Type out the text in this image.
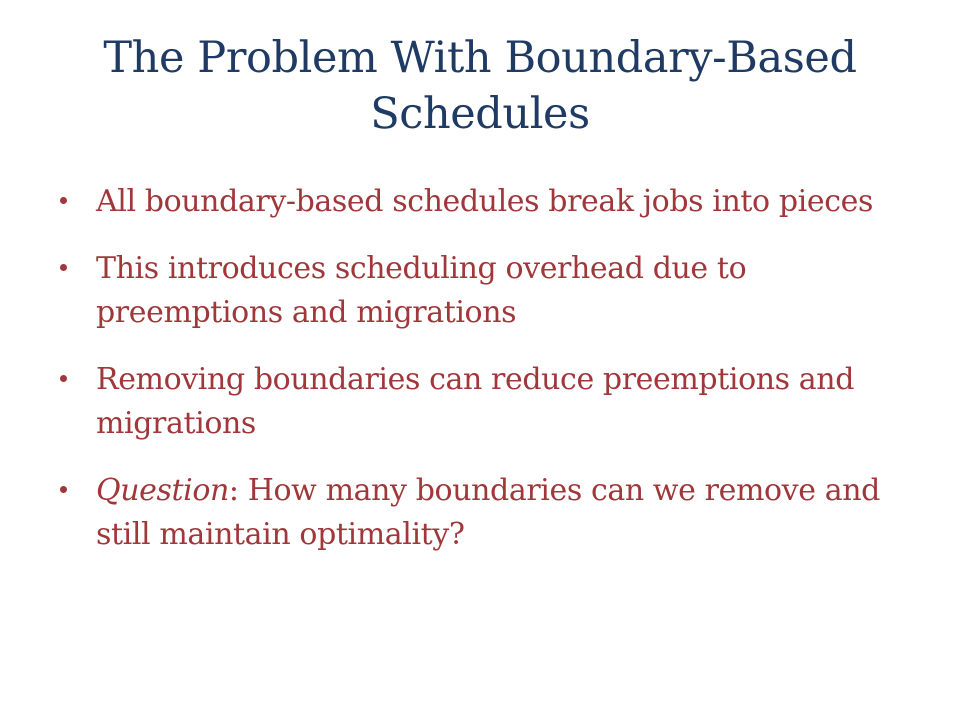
The Problem With Boundary-Based Schedules
All boundary-based schedules break jobs into pieces
This introduces scheduling overhead due to preemptions and migrations
Removing boundaries can reduce preemptions and migrations
Question: How many boundaries can we remove and still maintain optimality?
